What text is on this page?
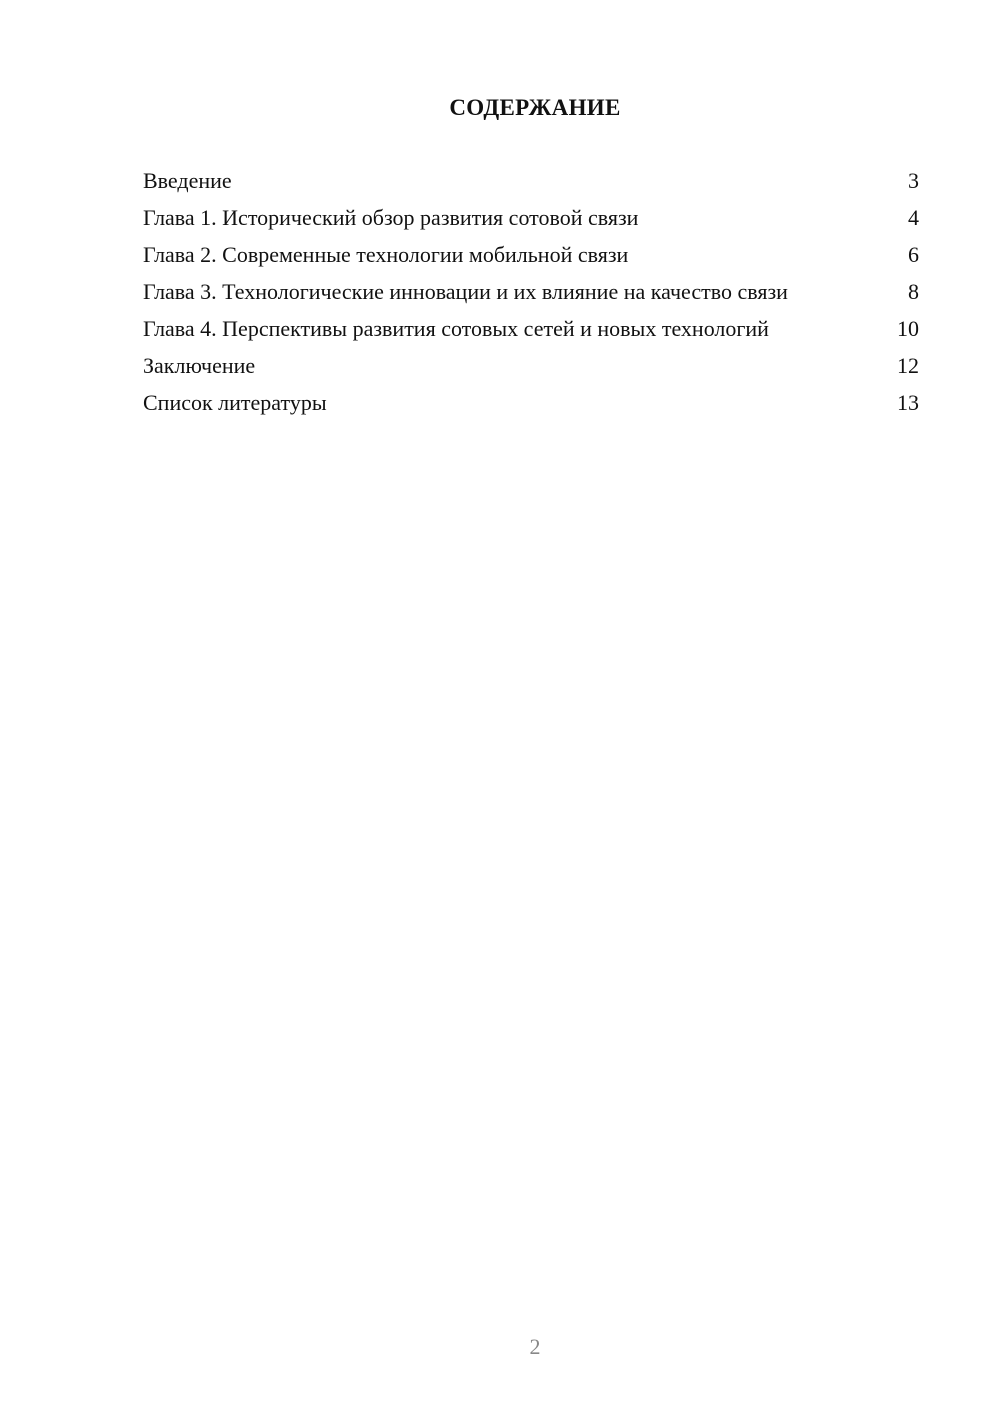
СОДЕРЖАНИЕ
Введение	3
Глава 1. Исторический обзор развития сотовой связи	4
Глава 2. Современные технологии мобильной связи	6
Глава 3. Технологические инновации и их влияние на качество связи	8
Глава 4. Перспективы развития сотовых сетей и новых технологий	10
Заключение	12
Список литературы	13
2
